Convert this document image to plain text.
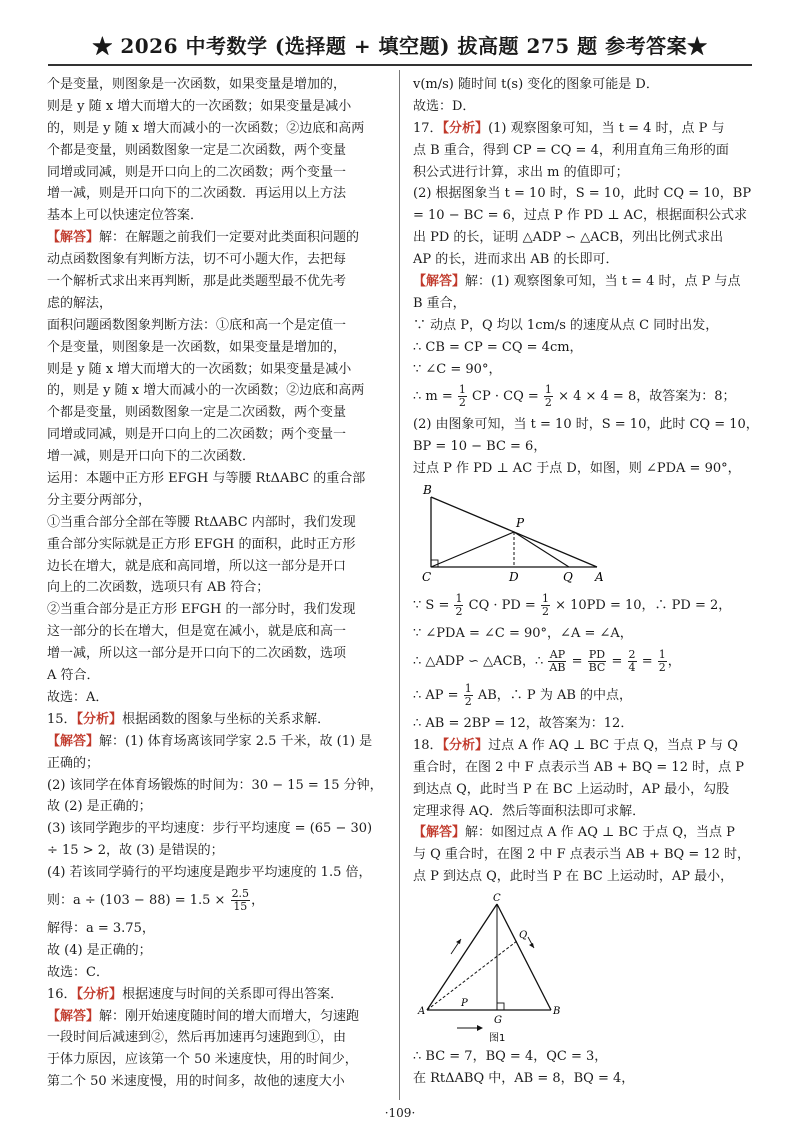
★ 2026 中考数学 (选择题 + 填空题) 拔高题 275 题 参考答案★
个是变量，则图象是一次函数，如果变量是增加的，
则是 y 随 x 增大而增大的一次函数；如果变量是减小
的，则是 y 随 x 增大而减小的一次函数；②边底和高两
个都是变量，则函数图象一定是二次函数，两个变量
同增或同减，则是开口向上的二次函数；两个变量一
增一减，则是开口向下的二次函数．再运用以上方法
基本上可以快速定位答案．
【解答】解：在解题之前我们一定要对此类面积问题的
动点函数图象有判断方法，切不可小题大作，去把每
一个解析式求出来再判断，那是此类题型最不优先考
虑的解法，
面积问题函数图象判断方法：①底和高一个是定值一
个是变量，则图象是一次函数，如果变量是增加的，
则是 y 随 x 增大而增大的一次函数；如果变量是减小
的，则是 y 随 x 增大而减小的一次函数；②边底和高两
个都是变量，则函数图象一定是二次函数，两个变量
同增或同减，则是开口向上的二次函数；两个变量一
增一减，则是开口向下的二次函数．
运用：本题中正方形 EFGH 与等腰 RtΔABC 的重合部
分主要分两部分，
①当重合部分全部在等腰 RtΔABC 内部时，我们发现
重合部分实际就是正方形 EFGH 的面积，此时正方形
边长在增大，就是底和高同增，所以这一部分是开口
向上的二次函数，选项只有 AB 符合；
②当重合部分是正方形 EFGH 的一部分时，我们发现
这一部分的长在增大，但是宽在减小，就是底和高一
增一减，所以这一部分是开口向下的二次函数，选项
A 符合．
故选：A．
15．【分析】根据函数的图象与坐标的关系求解．
【解答】解：(1) 体育场离该同学家 2.5 千米，故 (1) 是
正确的；
(2) 该同学在体育场锻炼的时间为：30 − 15 = 15 分钟，
故 (2) 是正确的；
(3) 该同学跑步的平均速度：步行平均速度 = (65 − 30)
÷ 15 > 2，故 (3) 是错误的；
(4) 若该同学骑行的平均速度是跑步平均速度的 1.5 倍，
则：$a \div (103 - 88) = 1.5 \times \frac{2.5}{15}$ ，
解得：a = 3.75，
故 (4) 是正确的；
故选：C．
16．【分析】根据速度与时间的关系即可得出答案．
【解答】解：刚开始速度随时间的增大而增大，匀速跑
一段时间后减速到②，然后再加速再匀速跑到①，由
于体力原因，应该第一个 50 米速度快，用的时间少，
第二个 50 米速度慢，用的时间多，故他的速度大小
v(m/s) 随时间 t(s) 变化的图象可能是 D．
故选：D．
17．【分析】(1) 观察图象可知，当 t = 4 时，点 P 与
点 B 重合，得到 CP = CQ = 4，利用直角三角形的面
积公式进行计算，求出 m 的值即可；
(2) 根据图象当 t = 10 时，S = 10，此时 CQ = 10，BP
= 10 − BC = 6，过点 P 作 PD ⊥ AC，根据面积公式求
出 PD 的长，证明 △ADP ∽ △ACB，列出比例式求出
AP 的长，进而求出 AB 的长即可．
【解答】解：(1) 观察图象可知，当 t = 4 时，点 P 与点
B 重合，
∵ 动点 P，Q 均以 1cm/s 的速度从点 C 同时出发，
∴ CB = CP = CQ = 4cm，
∵ ∠C = 90°，
∴ $m = \frac{1}{2}$ CP · CQ = $\frac{1}{2} \times 4 \times 4 = 8$，故答案为：8；
(2) 由图象可知，当 t = 10 时，S = 10，此时 CQ = 10，
BP = 10 − BC = 6，
过点 P 作 PD ⊥ AC 于点 D，如图，则 ∠PDA = 90°，
B
P
C	D	Q A
∵ $S = \frac{1}{2}$ CQ · PD = $\frac{1}{2} \times 10PD = 10$，∴ PD = 2，
∵ ∠PDA = ∠C = 90°，∠A = ∠A，
∴ △ADP ∽ △ACB，∴ $\frac{AP}{AB} = \frac{PD}{BC} = \frac{2}{4} = \frac{1}{2}$ ，
∴ AP = $\frac{1}{2}$ AB，∴ P 为 AB 的中点，
∴ AB = 2BP = 12，故答案为：12．
18．【分析】过点 A 作 AQ ⊥ BC 于点 Q，当点 P 与 Q
重合时，在图 2 中 F 点表示当 AB + BQ = 12 时，点 P
到达点 Q，此时当 P 在 BC 上运动时，AP 最小，勾股
定理求得 AQ．然后等面积法即可求解．
【解答】解：如图过点 A 作 AQ ⊥ BC 于点 Q，当点 P
与 Q 重合时，在图 2 中 F 点表示当 AB + BQ = 12 时，
点 P 到达点 Q，此时当 P 在 BC 上运动时，AP 最小，
C
Q
A
P
G
B
图1
∴ BC = 7，BQ = 4，QC = 3，
在 RtΔABQ 中，AB = 8，BQ = 4，
·109·
